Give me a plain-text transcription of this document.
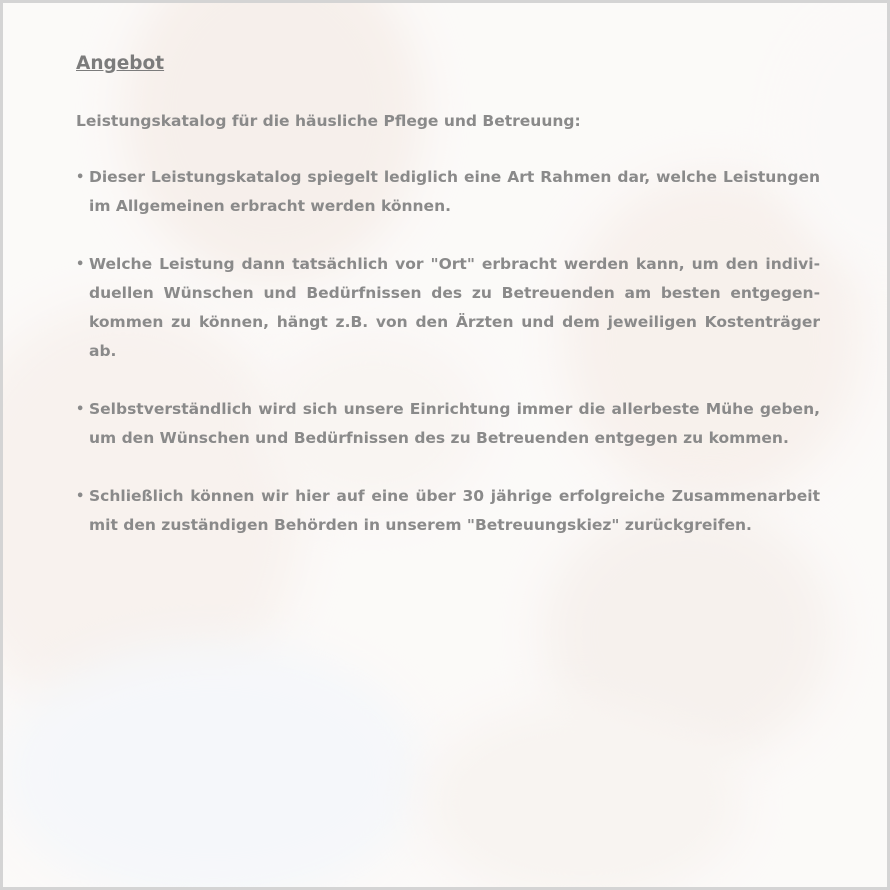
Angebot

Leistungskatalog für die häusliche Pflege und Betreuung:

• Dieser Leistungskatalog spiegelt lediglich eine Art Rahmen dar, welche Leistungen im Allgemeinen erbracht werden können.
• Welche Leistung dann tatsächlich vor "Ort" erbracht werden kann, um den individuellen Wünschen und Bedürfnissen des zu Betreuenden am besten entgegenkommen zu können, hängt z.B. von den Ärzten und dem jeweiligen Kostenträger ab.
• Selbstverständlich wird sich unsere Einrichtung immer die allerbeste Mühe geben, um den Wünschen und Bedürfnissen des zu Betreuenden entgegen zu kommen.
• Schließlich können wir hier auf eine über 30 jährige erfolgreiche Zusammenarbeit mit den zuständigen Behörden in unserem "Betreuungskiez" zurückgreifen.
